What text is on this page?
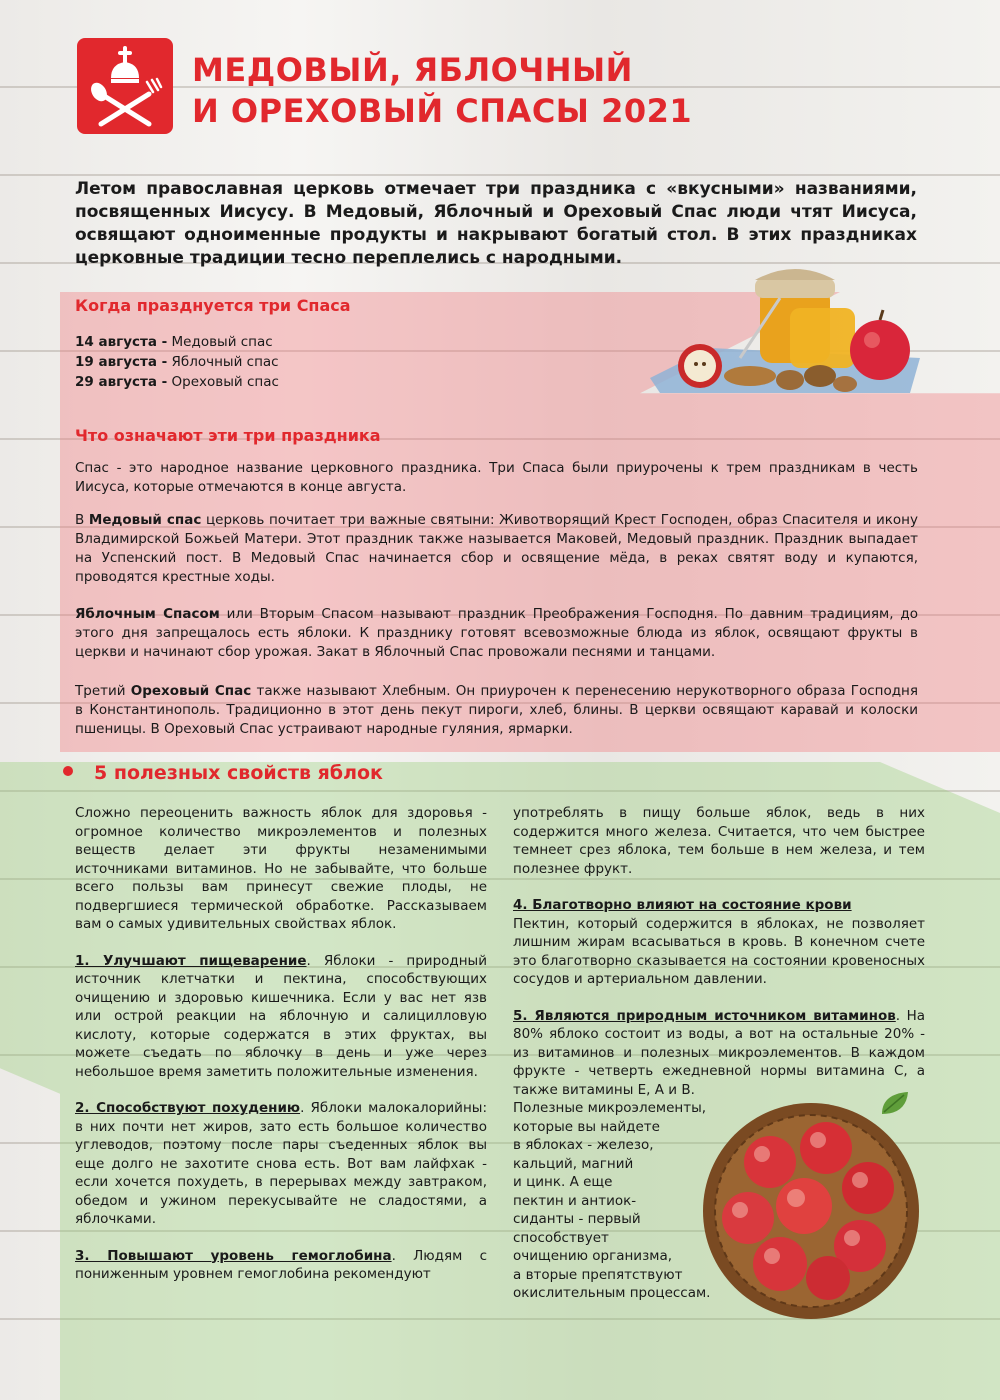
МЕДОВЫЙ, ЯБЛОЧНЫЙ
И ОРЕХОВЫЙ СПАСЫ 2021

Летом православная церковь отмечает три праздника с «вкусными» названиями, посвященных Иисусу. В Медовый, Яблочный и Ореховый Спас люди чтят Иисуса, освящают одноименные продукты и накрывают богатый стол. В этих праздниках церковные традиции тесно переплелись с народными.

Когда празднуется три Спаса
14 августа - Медовый спас
19 августа - Яблочный спас
29 августа - Ореховый спас
Что означают эти три праздника

Спас - это народное название церковного праздника. Три Спаса были приурочены к трем праздникам в честь Иисуса, которые отмечаются в конце августа.

В Медовый спас церковь почитает три важные святыни: Животворящий Крест Господен, образ Спасителя и икону Владимирской Божьей Матери. Этот праздник также называется Маковей, Медовый праздник. Праздник выпадает на Успенский пост. В Медовый Спас начинается сбор и освящение мёда, в реках святят воду и купаются, проводятся крестные ходы.

Яблочным Спасом или Вторым Спасом называют праздник Преображения Господня. По давним традициям, до этого дня запрещалось есть яблоки. К празднику готовят всевозможные блюда из яблок, освящают фрукты в церкви и начинают сбор урожая. Закат в Яблочный Спас провожали песнями и танцами.

Третий Ореховый Спас также называют Хлебным. Он приурочен к перенесению нерукотворного образа Господня в Константинополь. Традиционно в этот день пекут пироги, хлеб, блины. В церкви освящают каравай и колоски пшеницы. В Ореховый Спас устраивают народные гуляния, ярмарки.

5 полезных свойств яблок

Сложно переоценить важность яблок для здоровья - огромное количество микроэлементов и полезных веществ делает эти фрукты незаменимыми источниками витаминов. Но не забывайте, что больше всего пользы вам принесут свежие плоды, не подвергшиеся термической обработке. Рассказываем вам о самых удивительных свойствах яблок.

1. Улучшают пищеварение. Яблоки - природный источник клетчатки и пектина, способствующих очищению и здоровью кишечника. Если у вас нет язв или острой реакции на яблочную и салицилловую кислоту, которые содержатся в этих фруктах, вы можете съедать по яблочку в день и уже через небольшое время заметить положительные изменения.

2. Способствуют похудению. Яблоки малокалорийны: в них почти нет жиров, зато есть большое количество углеводов, поэтому после пары съеденных яблок вы еще долго не захотите снова есть. Вот вам лайфхак - если хочется похудеть, в перерывах между завтраком, обедом и ужином перекусывайте не сладостями, а яблочками.

3. Повышают уровень гемоглобина. Людям с пониженным уровнем гемоглобина рекомендуют

употреблять в пищу больше яблок, ведь в них содержится много железа. Считается, что чем быстрее темнеет срез яблока, тем больше в нем железа, и тем полезнее фрукт.

4. Благотворно влияют на состояние крови
Пектин, который содержится в яблоках, не позволяет лишним жирам всасываться в кровь. В конечном счете это благотворно сказывается на состоянии кровеносных сосудов и артериальном давлении.

5. Являются природным источником витаминов. На 80% яблоко состоит из воды, а вот на остальные 20% - из витаминов и полезных микроэлементов. В каждом фрукте - четверть ежедневной нормы витамина С, а также витамины Е, А и В.

Полезные микроэлементы,
которые вы найдете
в яблоках - железо,
кальций, магний
и цинк. А еще
пектин и антиок-
сиданты - первый
способствует
очищению организма,
а вторые препятствуют
окислительным процессам.
